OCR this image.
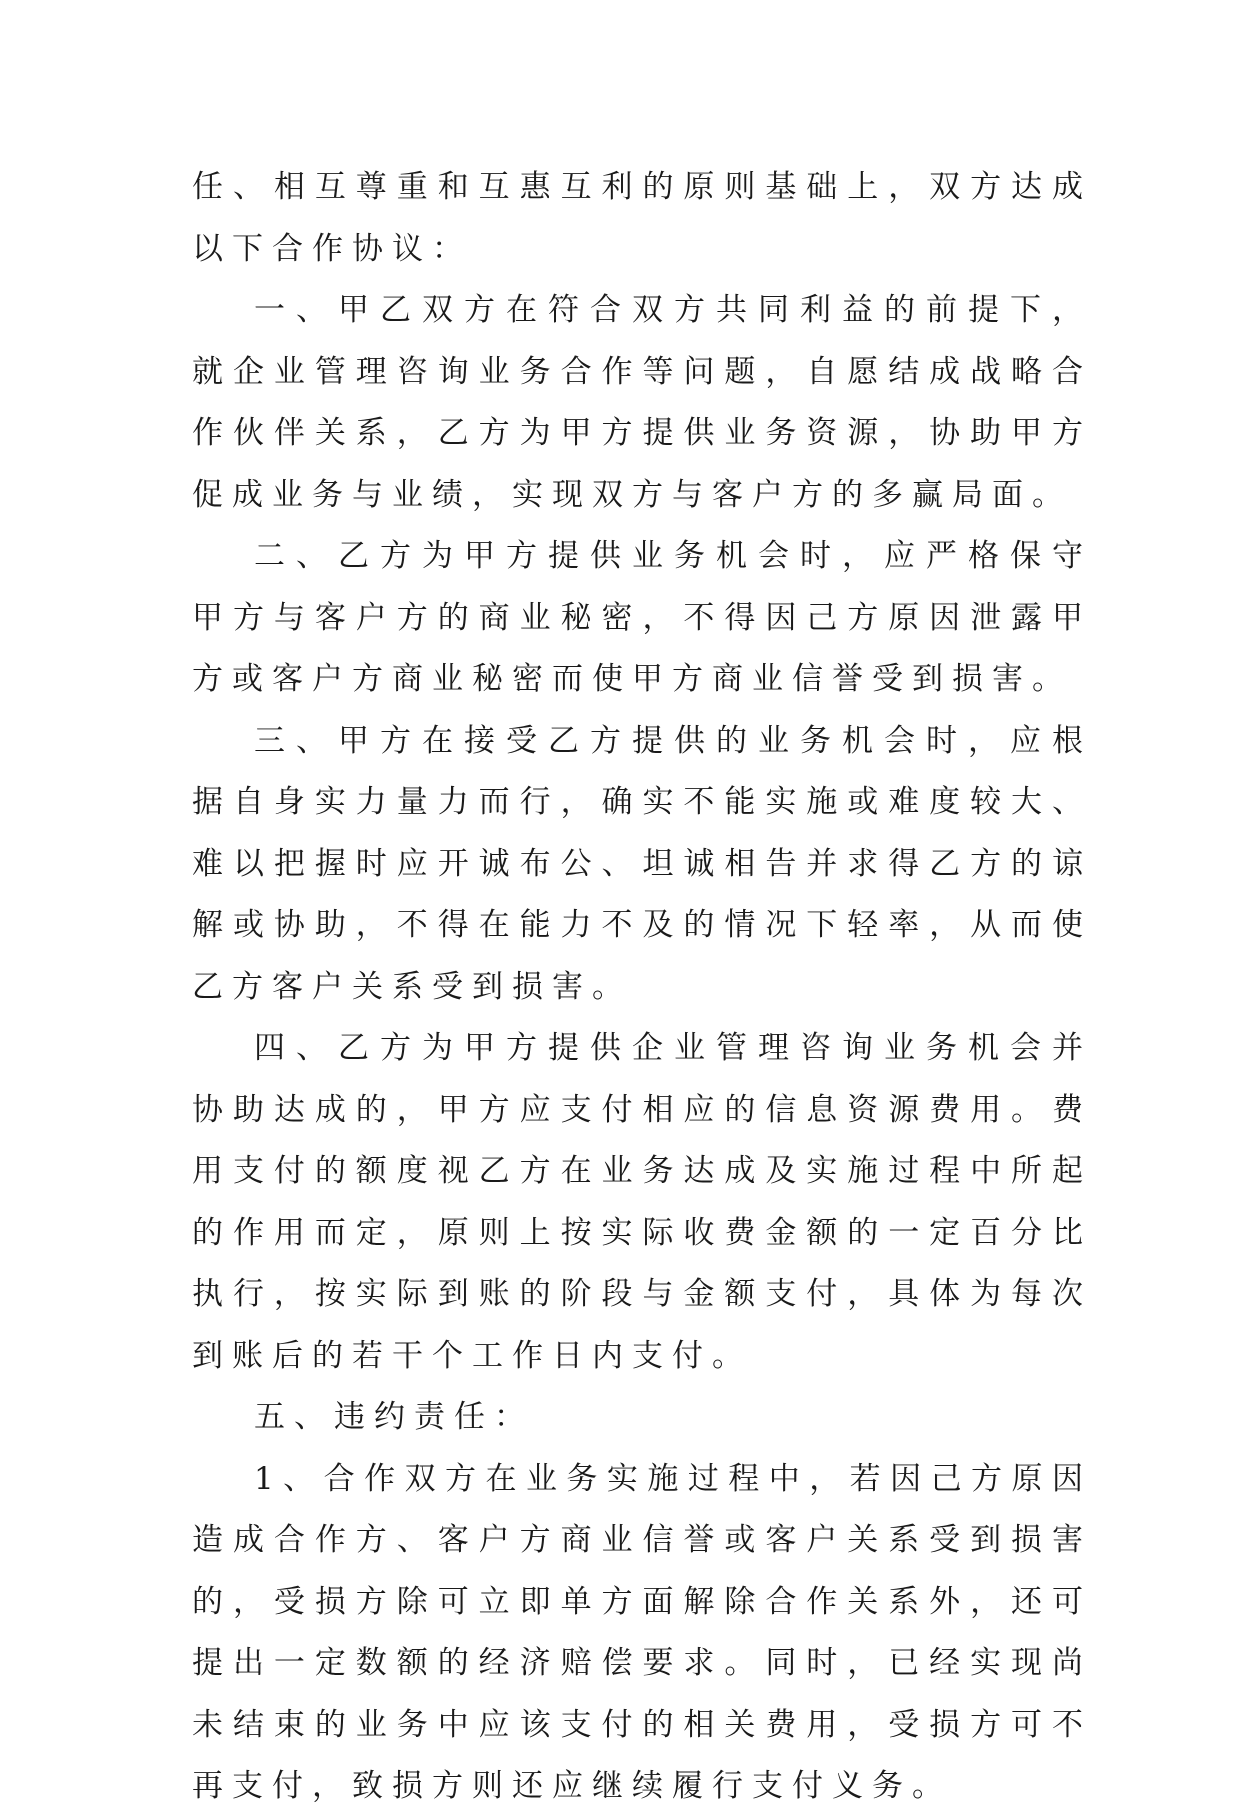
任、相互尊重和互惠互利的原则基础上，双方达成以下合作协议：

一、甲乙双方在符合双方共同利益的前提下，就企业管理咨询业务合作等问题，自愿结成战略合作伙伴关系，乙方为甲方提供业务资源，协助甲方促成业务与业绩，实现双方与客户方的多赢局面。

二、乙方为甲方提供业务机会时，应严格保守甲方与客户方的商业秘密，不得因己方原因泄露甲方或客户方商业秘密而使甲方商业信誉受到损害。

三、甲方在接受乙方提供的业务机会时，应根据自身实力量力而行，确实不能实施或难度较大、难以把握时应开诚布公、坦诚相告并求得乙方的谅解或协助，不得在能力不及的情况下轻率，从而使乙方客户关系受到损害。

四、乙方为甲方提供企业管理咨询业务机会并协助达成的，甲方应支付相应的信息资源费用。费用支付的额度视乙方在业务达成及实施过程中所起的作用而定，原则上按实际收费金额的一定百分比执行，按实际到账的阶段与金额支付，具体为每次到账后的若干个工作日内支付。

五、违约责任：

1、合作双方在业务实施过程中，若因己方原因造成合作方、客户方商业信誉或客户关系受到损害的，受损方除可立即单方面解除合作关系外，还可提出一定数额的经济赔偿要求。同时，已经实现尚未结束的业务中应该支付的相关费用，受损方可不再支付，致损方则还应继续履行支付义务。
